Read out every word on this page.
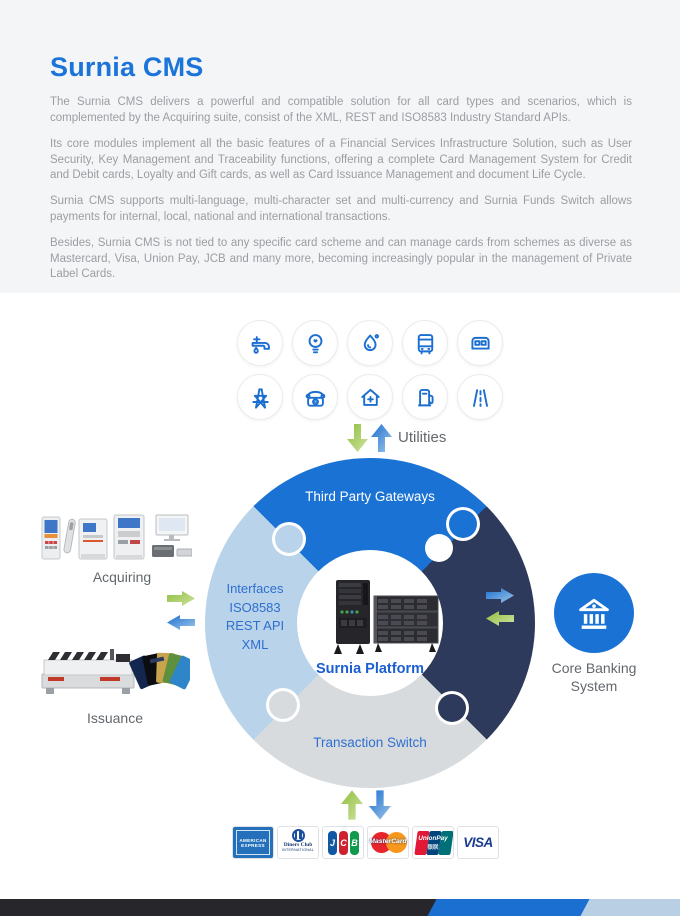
Surnia CMS

The Surnia CMS delivers a powerful and compatible solution for all card types and scenarios, which is complemented by the Acquiring suite, consist of the XML, REST and ISO8583 Industry Standard APIs.

Its core modules implement all the basic features of a Financial Services Infrastructure Solution, such as User Security, Key Management and Traceability functions, offering a complete Card Management System for Credit and Debit cards, Loyalty and Gift cards, as well as Card Issuance Management and document Life Cycle.

Surnia CMS supports multi-language, multi-character set and multi-currency and Surnia Funds Switch allows payments for internal, local, national and international transactions.

Besides, Surnia CMS is not tied to any specific card scheme and can manage cards from schemes as diverse as Mastercard, Visa, Union Pay, JCB and many more, becoming increasingly popular in the management of Private Label Cards.

Utilities
Third Party Gateways
Interfaces
ISO8583
REST API
XML
Surnia Platform
Transaction Switch
Acquiring
Issuance
Core Banking
System
AMERICAN
EXPRESS	Diners Club
INTERNATIONAL
J C B MasterCard	UnionPay
银联	VISA
